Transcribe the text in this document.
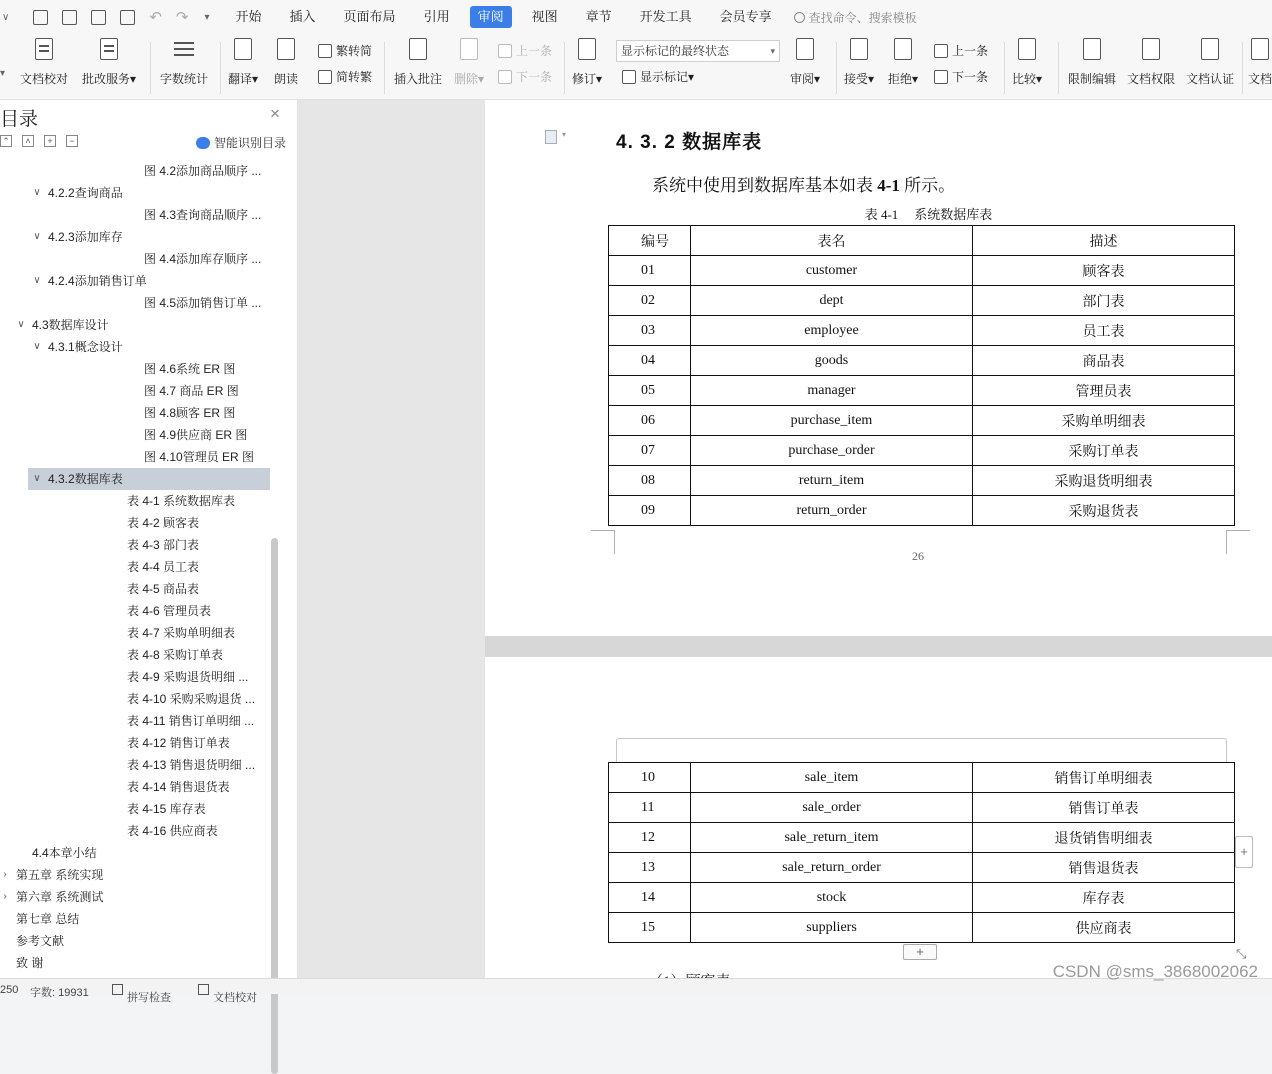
∨	↶ ↷ ▾	开始	插入	页面布局	引用	审阅	视图	章节	开发工具	会员专享	查找命令、搜索模板
▾ 文档校对 批改服务▾ 字数统计 翻译▾ 朗读
繁转简
简转繁 插入批注 删除▾
上一条
下一条 修订▾
显示标记的最终状态	▾
显示标记 ▾	审阅▾ 接受▾ 拒绝▾
上一条
下一条 比较▾ 限制编辑 文档权限 文档认证 文档
目录	×
⌃	˄	+	−	智能识别目录
图 4.2添加商品顺序 ...
∨ 4.2.2查询商品
图 4.3查询商品顺序 ...
∨ 4.2.3添加库存
图 4.4添加库存顺序 ...
∨ 4.2.4添加销售订单
图 4.5添加销售订单 ...
∨ 4.3数据库设计
∨ 4.3.1概念设计
图 4.6系统 ER 图
图 4.7 商品 ER 图
图 4.8顾客 ER 图
图 4.9供应商 ER 图
图 4.10管理员 ER 图
∨ 4.3.2数据库表
表 4-1 系统数据库表
表 4-2 顾客表
表 4-3 部门表
表 4-4 员工表
表 4-5 商品表
表 4-6 管理员表
表 4-7 采购单明细表
表 4-8 采购订单表
表 4-9 采购退货明细 ...
表 4-10 采购采购退货 ...
表 4-11 销售订单明细 ...
表 4-12 销售订单表
表 4-13 销售退货明细 ...
表 4-14 销售退货表
表 4-15 库存表
表 4-16 供应商表
4.4本章小结
› 第五章 系统实现
› 第六章 系统测试
第七章 总结
参考文献
致 谢
▾	4. 3. 2 数据库表
系统中使用到数据库基本如表 4-1 所示。
表 4-1 系统数据库表
编号	表名	描述
01	customer	顾客表
02	dept	部门表
03	employee	员工表
04	goods	商品表
05	manager	管理员表
06	purchase_item	采购单明细表
07	purchase_order	采购订单表
08	return_item	采购退货明细表
09	return_order	采购退货表
26
10	sale_item	销售订单明细表
11	sale_order	销售订单表
12	sale_return_item	退货销售明细表
13	sale_return_order	销售退货表
14	stock	库存表
15	suppliers	供应商表
+
+
⤡
250 字数: 19931	拼写检查	文档校对
CSDN @sms_3868002062
